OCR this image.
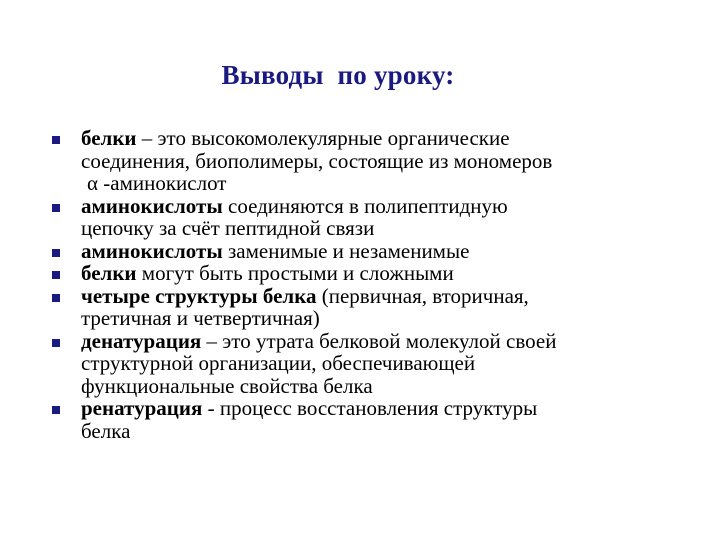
Выводы  по уроку:
белки – это высокомолекулярные органические
соединения, биополимеры, состоящие из мономеров
α -аминокислот
аминокислоты соединяются в полипептидную
цепочку за счёт пептидной связи
аминокислоты заменимые и незаменимые
белки могут быть простыми и сложными
четыре структуры белка (первичная, вторичная,
третичная и четвертичная)
денатурация – это утрата белковой молекулой своей
структурной организации, обеспечивающей
функциональные свойства белка
ренатурация - процесс восстановления структуры
белка
